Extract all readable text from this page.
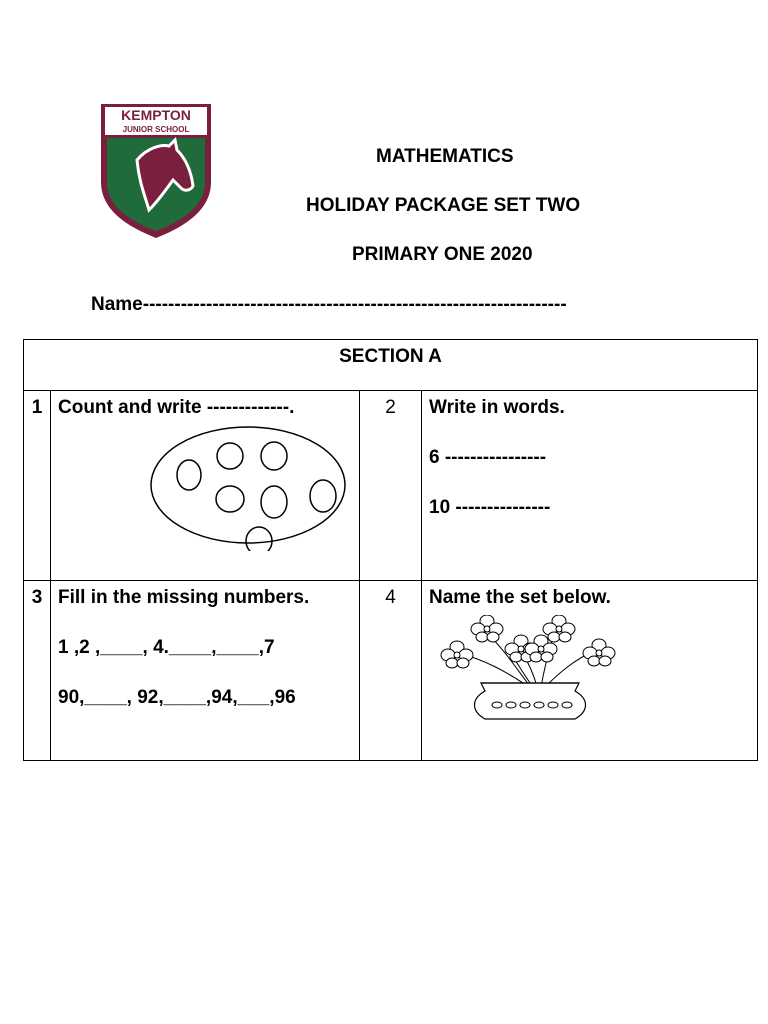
KEMPTON
JUNIOR SCHOOL
MATHEMATICS
HOLIDAY PACKAGE SET TWO
PRIMARY ONE 2020
Name-------------------------------------------------------------------
SECTION A			
1	Count and write -------------.	2	Write in words.

6 ----------------

10 ---------------

3	Fill in the missing numbers.

1 ,2 ,____, 4.____,____,7

90,____, 92,____,94,___,96	4	Name the set below.
